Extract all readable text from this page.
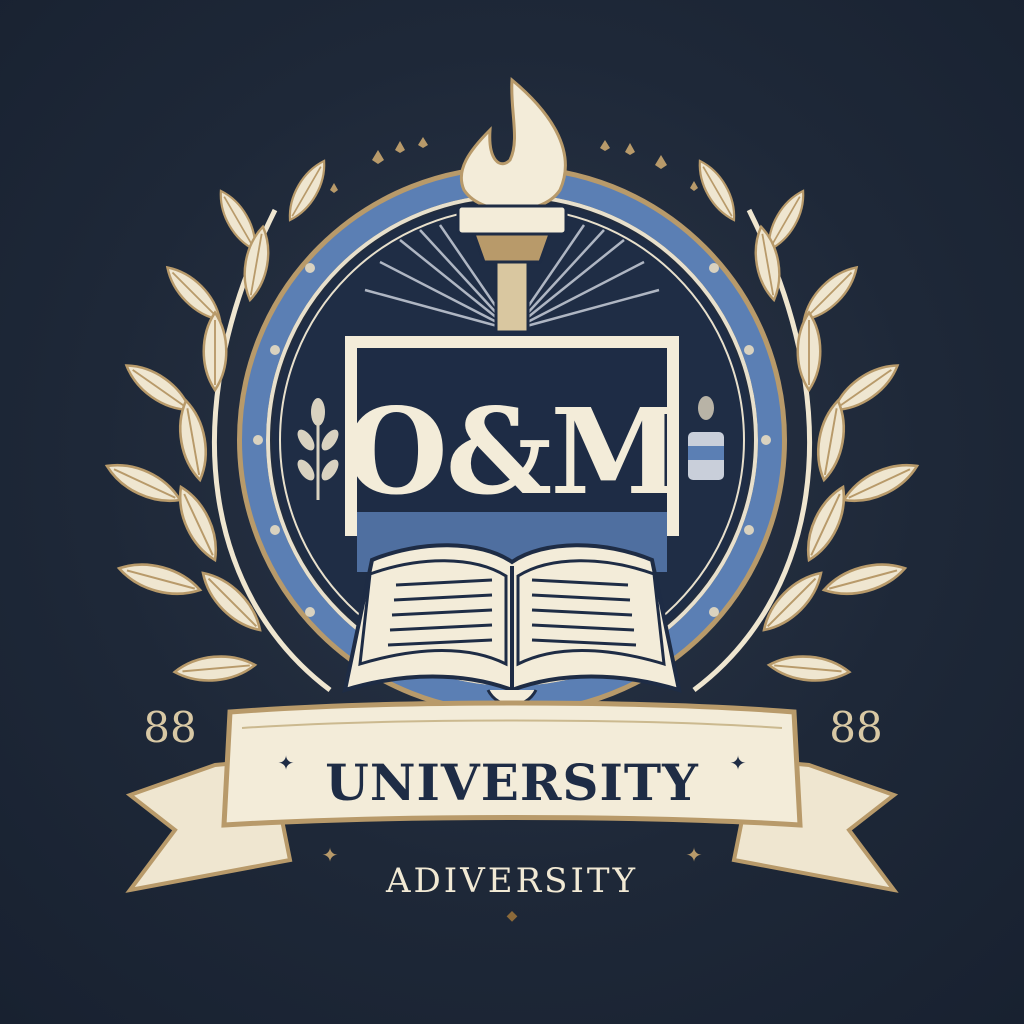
O&M
88	88
UNIVERSITY
✦	✦
ADIVERSITY
✦	✦
◆
